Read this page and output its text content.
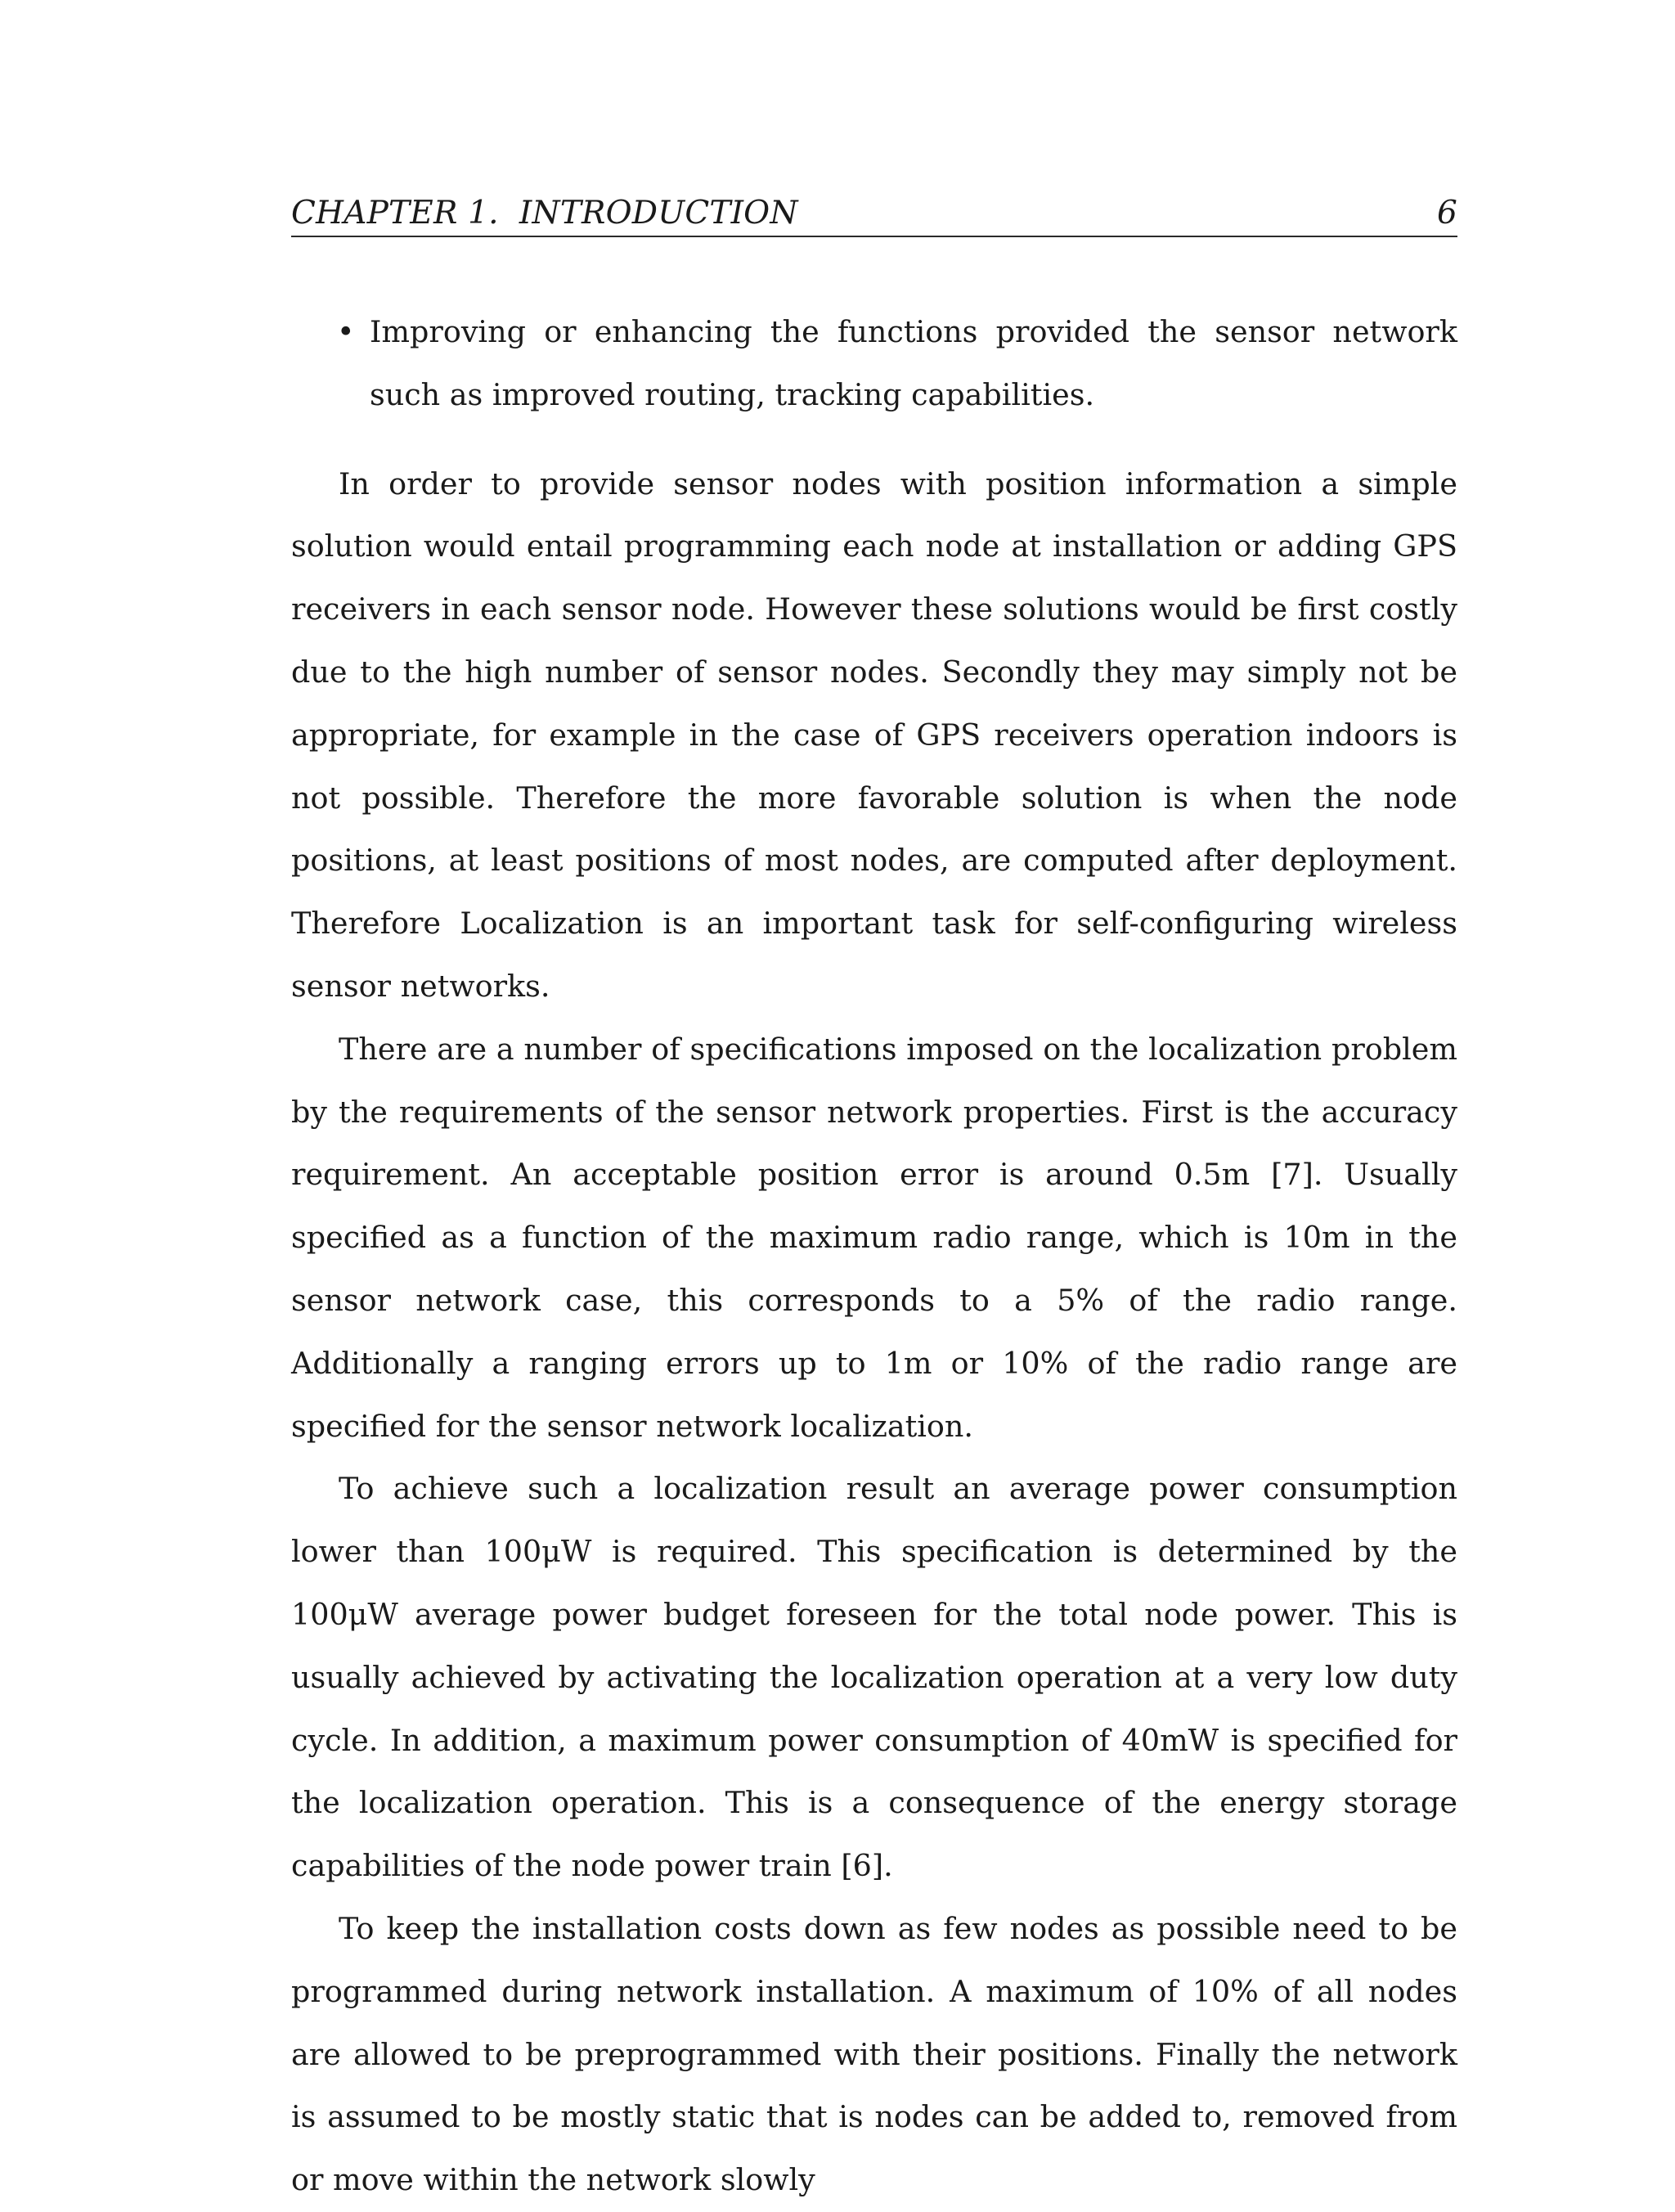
CHAPTER 1.  INTRODUCTION	6
• Improving or enhancing the functions provided the sensor network such as improved routing, tracking capabilities.

In order to provide sensor nodes with position information a simple solution would entail programming each node at installation or adding GPS receivers in each sensor node. However these solutions would be first costly due to the high number of sensor nodes. Secondly they may simply not be appropriate, for example in the case of GPS receivers operation indoors is not possible. Therefore the more favorable solution is when the node positions, at least positions of most nodes, are computed after deployment. Therefore Localization is an important task for self-configuring wireless sensor networks.

There are a number of specifications imposed on the localization problem by the requirements of the sensor network properties. First is the accuracy requirement. An acceptable position error is around 0.5m [7]. Usually specified as a function of the maximum radio range, which is 10m in the sensor network case, this corresponds to a 5% of the radio range. Additionally a ranging errors up to 1m or 10% of the radio range are specified for the sensor network localization.

To achieve such a localization result an average power consumption lower than 100μW is required. This specification is determined by the 100μW average power budget foreseen for the total node power. This is usually achieved by activating the localization operation at a very low duty cycle. In addition, a maximum power consumption of 40mW is specified for the localization operation. This is a consequence of the energy storage capabilities of the node power train [6].

To keep the installation costs down as few nodes as possible need to be programmed during network installation. A maximum of 10% of all nodes are allowed to be preprogrammed with their positions. Finally the network is assumed to be mostly static that is nodes can be added to, removed from or move within the network slowly
